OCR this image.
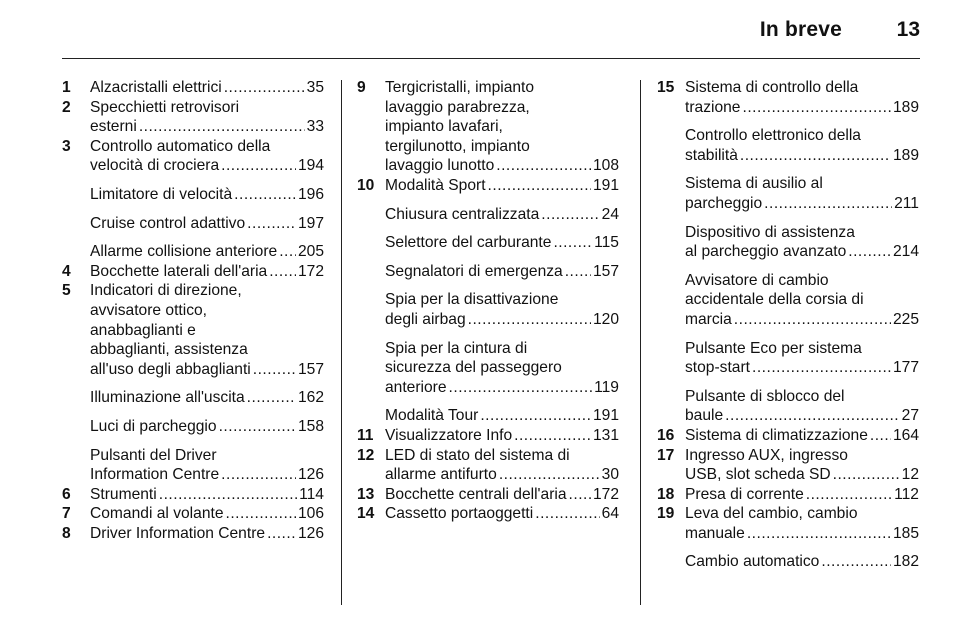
In breve	13
1	Alzacristalli elettrici .....	35
2	Specchietti retrovisori
esterni .....	33
3	Controllo automatico della
velocità di crociera .....	194
Limitatore di velocità .....	196
Cruise control adattivo .....	197
Allarme collisione anteriore ..... 205
4	Bocchette laterali dell'aria ..... 172
5	Indicatori di direzione,
avvisatore ottico,
anabbaglianti e
abbaglianti, assistenza
all'uso degli abbaglianti .....	157
Illuminazione all'uscita .....	162
Luci di parcheggio .....	158
Pulsanti del Driver
Information Centre .....	126
6	Strumenti .....	114
7	Comandi al volante .....	106
8	Driver Information Centre ..... 126
9	Tergicristalli, impianto
lavaggio parabrezza,
impianto lavafari,
tergilunotto, impianto
lavaggio lunotto .....	108
10 Modalità Sport .....	191
Chiusura centralizzata .....	24
Selettore del carburante .....	115
Segnalatori di emergenza ..... 157
Spia per la disattivazione
degli airbag .....	120
Spia per la cintura di
sicurezza del passeggero
anteriore .....	119
Modalità Tour .....	191
11 Visualizzatore Info .....	131
12 LED di stato del sistema di
allarme antifurto .....	30
13 Bocchette centrali dell'aria ..... 172
14 Cassetto portaoggetti .....	64
15 Sistema di controllo della
trazione .....	189
Controllo elettronico della
stabilità .....	189
Sistema di ausilio al
parcheggio .....	211
Dispositivo di assistenza
al parcheggio avanzato .....	214
Avvisatore di cambio
accidentale della corsia di
marcia .....	225
Pulsante Eco per sistema
stop-start .....	177
Pulsante di sblocco del
baule .....	27
16 Sistema di climatizzazione ..... 164
17 Ingresso AUX, ingresso
USB, slot scheda SD .....	12
18 Presa di corrente .....	112
19 Leva del cambio, cambio
manuale .....	185
Cambio automatico .....	182
